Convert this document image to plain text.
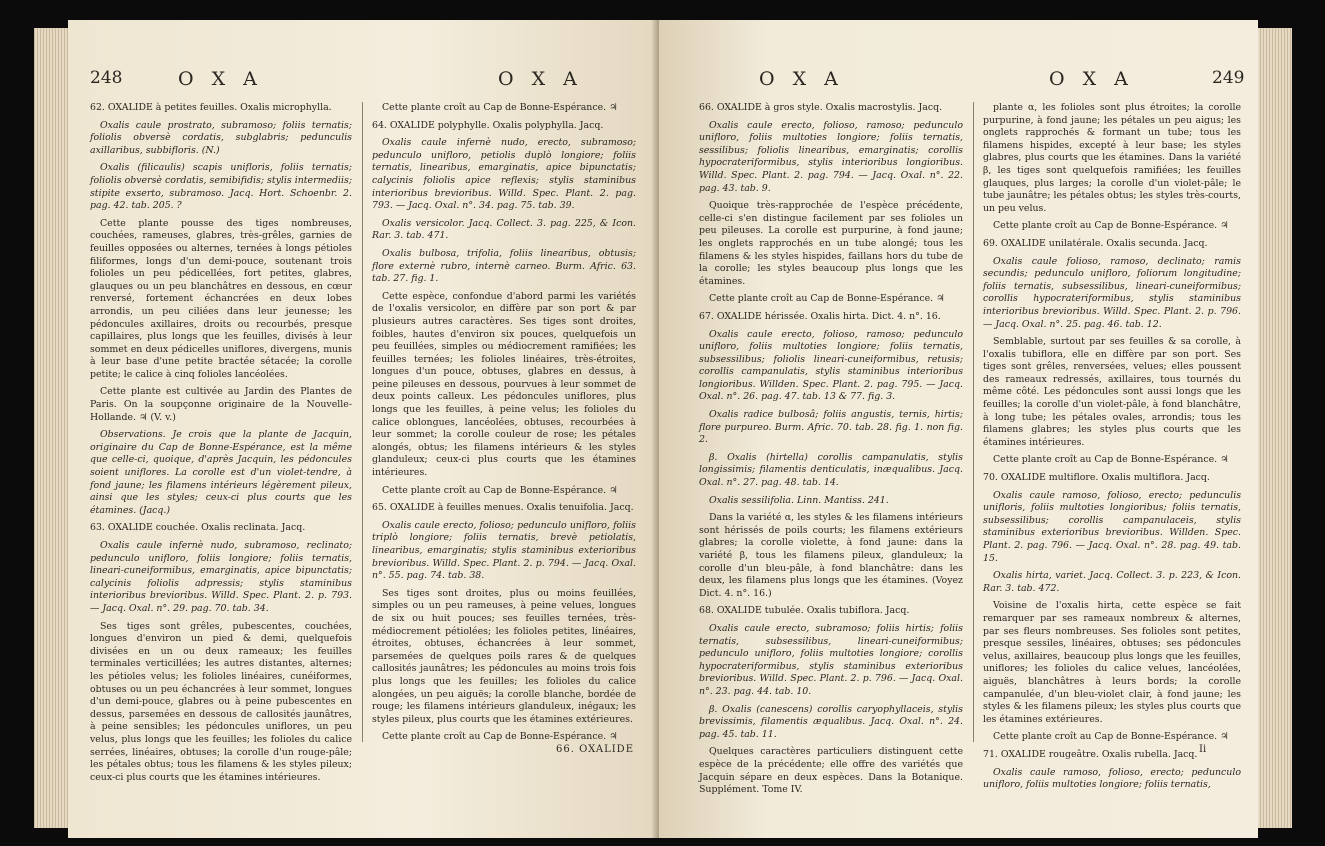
248	O X A	O X A

62. OXALIDE à petites feuilles. Oxalis microphylla.

Oxalis caule prostrato, subramoso; foliis ternatis; foliolis obversè cordatis, subglabris; pedunculis axillaribus, subbifloris. (N.)

Oxalis (filicaulis) scapis unifloris, foliis ternatis; foliolis obversè cordatis, semibifidis; stylis intermediis; stipite exserto, subramoso. Jacq. Hort. Schoenbr. 2. pag. 42. tab. 205. ?

Cette plante pousse des tiges nombreuses, couchées, rameuses, glabres, très-grêles, garnies de feuilles opposées ou alternes, ternées à longs pétioles filiformes, longs d'un demi-pouce, soutenant trois folioles un peu pédicellées, fort petites, glabres, glauques ou un peu blanchâtres en dessous, en cœur renversé, fortement échancrées en deux lobes arrondis, un peu ciliées dans leur jeunesse; les pédoncules axillaires, droits ou recourbés, presque capillaires, plus longs que les feuilles, divisés à leur sommet en deux pédicelles uniflores, divergens, munis à leur base d'une petite bractée sétacée; la corolle petite; le calice à cinq folioles lancéolées.

Cette plante est cultivée au Jardin des Plantes de Paris. On la soupçonne originaire de la Nouvelle-Hollande. ♃ (V. v.)

Observations. Je crois que la plante de Jacquin, originaire du Cap de Bonne-Espérance, est la même que celle-ci, quoique, d'après Jacquin, les pédoncules soient uniflores. La corolle est d'un violet-tendre, à fond jaune; les filamens intérieurs légèrement pileux, ainsi que les styles; ceux-ci plus courts que les étamines. (Jacq.)

63. OXALIDE couchée. Oxalis reclinata. Jacq.

Oxalis caule infernè nudo, subramoso, reclinato; pedunculo unifloro, foliis longiore; foliis ternatis, lineari-cuneiformibus, emarginatis, apice bipunctatis; calycinis foliolis adpressis; stylis staminibus interioribus brevioribus. Willd. Spec. Plant. 2. p. 793. — Jacq. Oxal. n°. 29. pag. 70. tab. 34.

Ses tiges sont grêles, pubescentes, couchées, longues d'environ un pied & demi, quelquefois divisées en un ou deux rameaux; les feuilles terminales verticillées; les autres distantes, alternes; les pétioles velus; les folioles linéaires, cunéiformes, obtuses ou un peu échancrées à leur sommet, longues d'un demi-pouce, glabres ou à peine pubescentes en dessus, parsemées en dessous de callosités jaunâtres, à peine sensibles; les pédoncules uniflores, un peu velus, plus longs que les feuilles; les folioles du calice serrées, linéaires, obtuses; la corolle d'un rouge-pâle; les pétales obtus; tous les filamens & les styles pileux; ceux-ci plus courts que les étamines intérieures.

Cette plante croît au Cap de Bonne-Espérance. ♃

64. OXALIDE polyphylle. Oxalis polyphylla. Jacq.

Oxalis caule infernè nudo, erecto, subramoso; pedunculo unifloro, petiolis duplò longiore; foliis ternatis, linearibus, emarginatis, apice bipunctatis; calycinis foliolis apice reflexis; stylis staminibus interioribus brevioribus. Willd. Spec. Plant. 2. pag. 793. — Jacq. Oxal. n°. 34. pag. 75. tab. 39.

Oxalis versicolor. Jacq. Collect. 3. pag. 225, & Icon. Rar. 3. tab. 471.

Oxalis bulbosa, trifolia, foliis linearibus, obtusis; flore externè rubro, internè carneo. Burm. Afric. 63. tab. 27. fig. 1.

Cette espèce, confondue d'abord parmi les variétés de l'oxalis versicolor, en diffère par son port & par plusieurs autres caractères. Ses tiges sont droites, foibles, hautes d'environ six pouces, quelquefois un peu feuillées, simples ou médiocrement ramifiées; les feuilles ternées; les folioles linéaires, très-étroites, longues d'un pouce, obtuses, glabres en dessus, à peine pileuses en dessous, pourvues à leur sommet de deux points calleux. Les pédoncules uniflores, plus longs que les feuilles, à peine velus; les folioles du calice oblongues, lancéolées, obtuses, recourbées à leur sommet; la corolle couleur de rose; les pétales alongés, obtus; les filamens intérieurs & les styles glanduleux; ceux-ci plus courts que les étamines intérieures.

Cette plante croît au Cap de Bonne-Espérance. ♃

65. OXALIDE à feuilles menues. Oxalis tenuifolia. Jacq.

Oxalis caule erecto, folioso; pedunculo unifloro, foliis triplò longiore; foliis ternatis, brevè petiolatis, linearibus, emarginatis; stylis staminibus exterioribus brevioribus. Willd. Spec. Plant. 2. p. 794. — Jacq. Oxal. n°. 55. pag. 74. tab. 38.

Ses tiges sont droites, plus ou moins feuillées, simples ou un peu rameuses, à peine velues, longues de six ou huit pouces; ses feuilles ternées, très-médiocrement pétiolées; les folioles petites, linéaires, étroites, obtuses, échancrées à leur sommet, parsemées de quelques poils rares & de quelques callosités jaunâtres; les pédoncules au moins trois fois plus longs que les feuilles; les folioles du calice alongées, un peu aiguës; la corolle blanche, bordée de rouge; les filamens intérieurs glanduleux, inégaux; les styles pileux, plus courts que les étamines extérieures.

Cette plante croît au Cap de Bonne-Espérance. ♃

66. OXALIDE
O X A	O X A	249

66. OXALIDE à gros style. Oxalis macrostylis. Jacq.

Oxalis caule erecto, folioso, ramoso; pedunculo unifloro, foliis multoties longiore; foliis ternatis, sessilibus; foliolis linearibus, emarginatis; corollis hypocrateriformibus, stylis interioribus longioribus. Willd. Spec. Plant. 2. pag. 794. — Jacq. Oxal. n°. 22. pag. 43. tab. 9.

Quoique très-rapprochée de l'espèce précédente, celle-ci s'en distingue facilement par ses folioles un peu pileuses. La corolle est purpurine, à fond jaune; les onglets rapprochés en un tube alongé; tous les filamens & les styles hispides, faillans hors du tube de la corolle; les styles beaucoup plus longs que les étamines.

Cette plante croît au Cap de Bonne-Espérance. ♃

67. OXALIDE hérissée. Oxalis hirta. Dict. 4. n°. 16.

Oxalis caule erecto, folioso, ramoso; pedunculo unifloro, foliis multoties longiore; foliis ternatis, subsessilibus; foliolis lineari-cuneiformibus, retusis; corollis campanulatis, stylis staminibus interioribus longioribus. Willden. Spec. Plant. 2. pag. 795. — Jacq. Oxal. n°. 26. pag. 47. tab. 13 & 77. fig. 3.

Oxalis radice bulbosâ; foliis angustis, ternis, hirtis; flore purpureo. Burm. Afric. 70. tab. 28. fig. 1. non fig. 2.

β. Oxalis (hirtella) corollis campanulatis, stylis longissimis; filamentis denticulatis, inæqualibus. Jacq. Oxal. n°. 27. pag. 48. tab. 14.

Oxalis sessilifolia. Linn. Mantiss. 241.

Dans la variété α, les styles & les filamens intérieurs sont hérissés de poils courts; les filamens extérieurs glabres; la corolle violette, à fond jaune: dans la variété β, tous les filamens pileux, glanduleux; la corolle d'un bleu-pâle, à fond blanchâtre: dans les deux, les filamens plus longs que les étamines. (Voyez Dict. 4. n°. 16.)

68. OXALIDE tubulée. Oxalis tubiflora. Jacq.

Oxalis caule erecto, subramoso; foliis hirtis; foliis ternatis, subsessilibus, lineari-cuneiformibus; pedunculo unifloro, foliis multoties longiore; corollis hypocrateriformibus, stylis staminibus exterioribus brevioribus. Willd. Spec. Plant. 2. p. 796. — Jacq. Oxal. n°. 23. pag. 44. tab. 10.

β. Oxalis (canescens) corollis caryophyllaceis, stylis brevissimis, filamentis æqualibus. Jacq. Oxal. n°. 24. pag. 45. tab. 11.

Quelques caractères particuliers distinguent cette espèce de la précédente; elle offre des variétés que Jacquin sépare en deux espèces. Dans la Botanique. Supplément. Tome IV.

plante α, les folioles sont plus étroites; la corolle purpurine, à fond jaune; les pétales un peu aigus; les onglets rapprochés & formant un tube; tous les filamens hispides, excepté à leur base; les styles glabres, plus courts que les étamines. Dans la variété β, les tiges sont quelquefois ramifiées; les feuilles glauques, plus larges; la corolle d'un violet-pâle; le tube jaunâtre; les pétales obtus; les styles très-courts, un peu velus.

Cette plante croît au Cap de Bonne-Espérance. ♃

69. OXALIDE unilatérale. Oxalis secunda. Jacq.

Oxalis caule folioso, ramoso, declinato; ramis secundis; pedunculo unifloro, foliorum longitudine; foliis ternatis, subsessilibus, lineari-cuneiformibus; corollis hypocrateriformibus, stylis staminibus interioribus brevioribus. Willd. Spec. Plant. 2. p. 796. — Jacq. Oxal. n°. 25. pag. 46. tab. 12.

Semblable, surtout par ses feuilles & sa corolle, à l'oxalis tubiflora, elle en diffère par son port. Ses tiges sont grêles, renversées, velues; elles poussent des rameaux redressés, axillaires, tous tournés du même côté. Les pédoncules sont aussi longs que les feuilles; la corolle d'un violet-pâle, à fond blanchâtre, à long tube; les pétales ovales, arrondis; tous les filamens glabres; les styles plus courts que les étamines intérieures.

Cette plante croît au Cap de Bonne-Espérance. ♃

70. OXALIDE multiflore. Oxalis multiflora. Jacq.

Oxalis caule ramoso, folioso, erecto; pedunculis unifloris, foliis multoties longioribus; foliis ternatis, subsessilibus; corollis campanulaceis, stylis staminibus exterioribus brevioribus. Willden. Spec. Plant. 2. pag. 796. — Jacq. Oxal. n°. 28. pag. 49. tab. 15.

Oxalis hirta, variet. Jacq. Collect. 3. p. 223, & Icon. Rar. 3. tab. 472.

Voisine de l'oxalis hirta, cette espèce se fait remarquer par ses rameaux nombreux & alternes, par ses fleurs nombreuses. Ses folioles sont petites, presque sessiles, linéaires, obtuses; ses pédoncules velus, axillaires, beaucoup plus longs que les feuilles, uniflores; les folioles du calice velues, lancéolées, aiguës, blanchâtres à leurs bords; la corolle campanulée, d'un bleu-violet clair, à fond jaune; les styles & les filamens pileux; les styles plus courts que les étamines extérieures.

Cette plante croît au Cap de Bonne-Espérance. ♃

71. OXALIDE rougeâtre. Oxalis rubella. Jacq.

Oxalis caule ramoso, folioso, erecto; pedunculo unifloro, foliis multoties longiore; foliis ternatis,

Ii
